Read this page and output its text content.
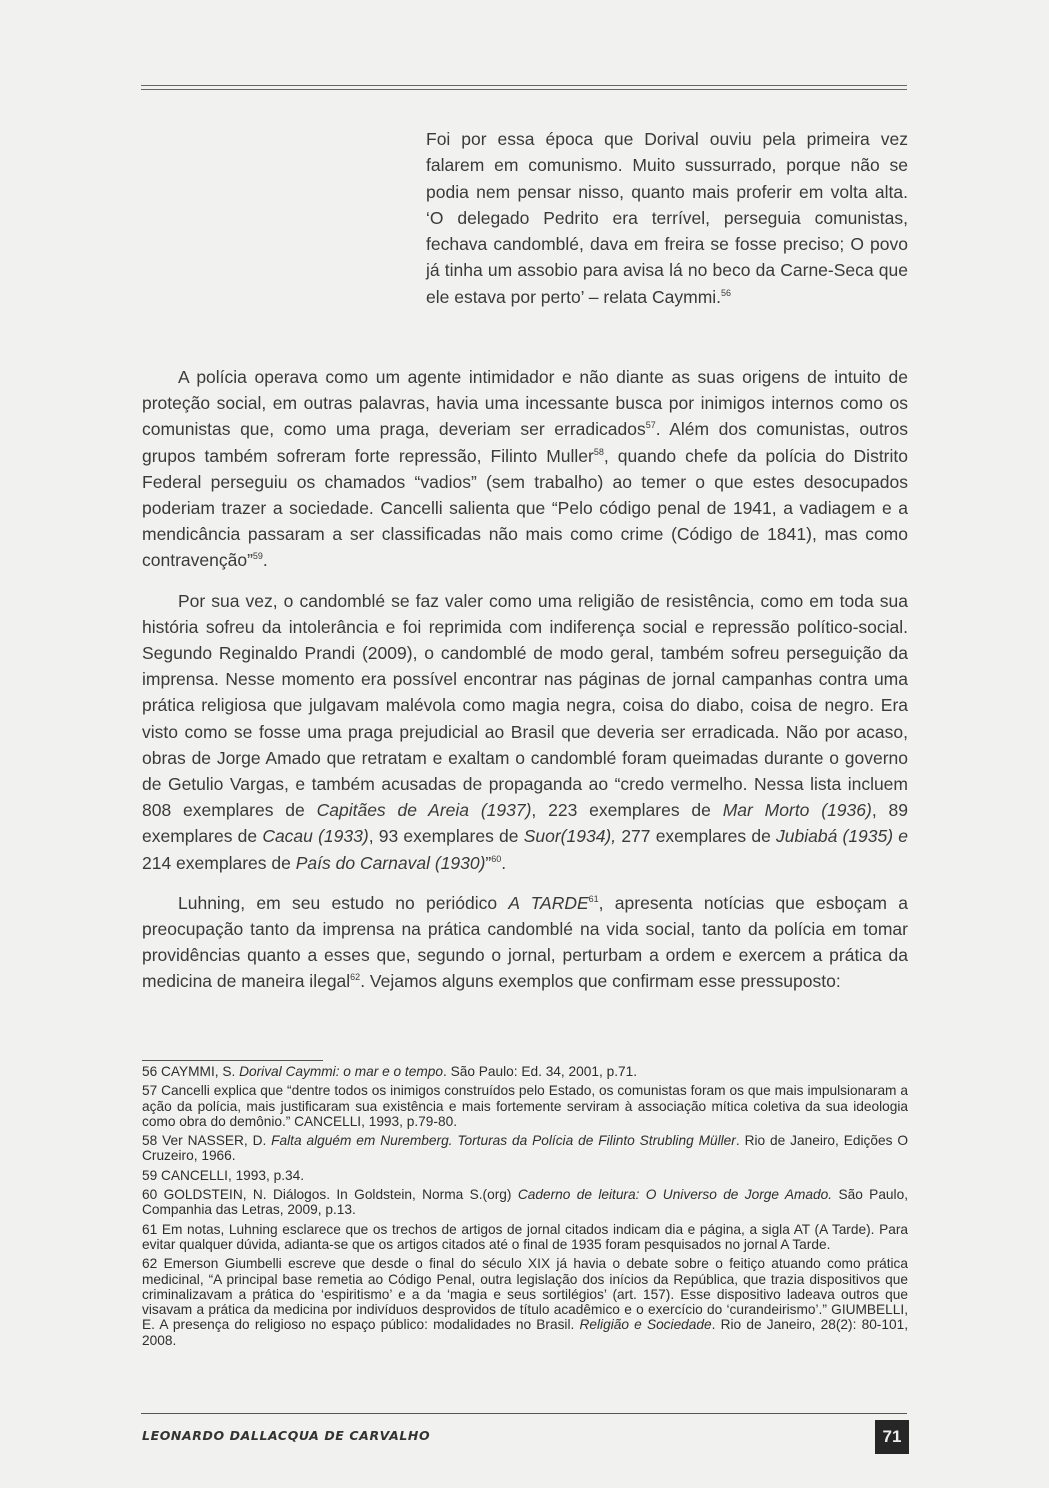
Foi por essa época que Dorival ouviu pela primeira vez falarem em comunismo. Muito sussurrado, porque não se podia nem pensar nisso, quanto mais proferir em volta alta. ‘O delegado Pedrito era terrível, perseguia comunistas, fechava candomblé, dava em freira se fosse preciso; O povo já tinha um assobio para avisa lá no beco da Carne-Seca que ele estava por perto’ – relata Caymmi.$^{56}$

A polícia operava como um agente intimidador e não diante as suas origens de intuito de proteção social, em outras palavras, havia uma incessante busca por inimigos internos como os comunistas que, como uma praga, deveriam ser erradicados$^{57}$. Além dos comunistas, outros grupos também sofreram forte repressão, Filinto Muller$^{58}$, quando chefe da polícia do Distrito Federal perseguiu os chamados “vadios” (sem trabalho) ao temer o que estes desocupados poderiam trazer a sociedade. Cancelli salienta que “Pelo código penal de 1941, a vadiagem e a mendicância passaram a ser classificadas não mais como crime (Código de 1841), mas como contravenção”$^{59}$.

Por sua vez, o candomblé se faz valer como uma religião de resistência, como em toda sua história sofreu da intolerância e foi reprimida com indiferença social e repressão político-social. Segundo Reginaldo Prandi (2009), o candomblé de modo geral, também sofreu perseguição da imprensa. Nesse momento era possível encontrar nas páginas de jornal campanhas contra uma prática religiosa que julgavam malévola como magia negra, coisa do diabo, coisa de negro. Era visto como se fosse uma praga prejudicial ao Brasil que deveria ser erradicada. Não por acaso, obras de Jorge Amado que retratam e exaltam o candomblé foram queimadas durante o governo de Getulio Vargas, e também acusadas de propaganda ao “credo vermelho. Nessa lista incluem 808 exemplares de Capitães de Areia (1937), 223 exemplares de Mar Morto (1936), 89 exemplares de Cacau (1933), 93 exemplares de Suor(1934), 277 exemplares de Jubiabá (1935) e 214 exemplares de País do Carnaval (1930)”$^{60}$.

Luhning, em seu estudo no periódico A TARDE$^{61}$, apresenta notícias que esboçam a preocupação tanto da imprensa na prática candomblé na vida social, tanto da polícia em tomar providências quanto a esses que, segundo o jornal, perturbam a ordem e exercem a prática da medicina de maneira ilegal$^{62}$. Vejamos alguns exemplos que confirmam esse pressuposto:

56 CAYMMI, S. Dorival Caymmi: o mar e o tempo. São Paulo: Ed. 34, 2001, p.71.
57 Cancelli explica que “dentre todos os inimigos construídos pelo Estado, os comunistas foram os que mais impulsionaram a ação da polícia, mais justificaram sua existência e mais fortemente serviram à associação mítica coletiva da sua ideologia como obra do demônio.” CANCELLI, 1993, p.79-80.
58 Ver NASSER, D. Falta alguém em Nuremberg. Torturas da Polícia de Filinto Strubling Müller. Rio de Janeiro, Edições O Cruzeiro, 1966.
59 CANCELLI, 1993, p.34.
60 GOLDSTEIN, N. Diálogos. In Goldstein, Norma S.(org) Caderno de leitura: O Universo de Jorge Amado. São Paulo, Companhia das Letras, 2009, p.13.
61 Em notas, Luhning esclarece que os trechos de artigos de jornal citados indicam dia e página, a sigla AT (A Tarde). Para evitar qualquer dúvida, adianta-se que os artigos citados até o final de 1935 foram pesquisados no jornal A Tarde.
62 Emerson Giumbelli escreve que desde o final do século XIX já havia o debate sobre o feitiço atuando como prática medicinal, “A principal base remetia ao Código Penal, outra legislação dos inícios da República, que trazia dispositivos que criminalizavam a prática do ‘espiritismo’ e a da ‘magia e seus sortilégios’ (art. 157). Esse dispositivo ladeava outros que visavam a prática da medicina por indivíduos desprovidos de título acadêmico e o exercício do ‘curandeirismo’.” GIUMBELLI, E. A presença do religioso no espaço público: modalidades no Brasil. Religião e Sociedade. Rio de Janeiro, 28(2): 80-101, 2008.
LEONARDO DALLACQUA DE CARVALHO	71
